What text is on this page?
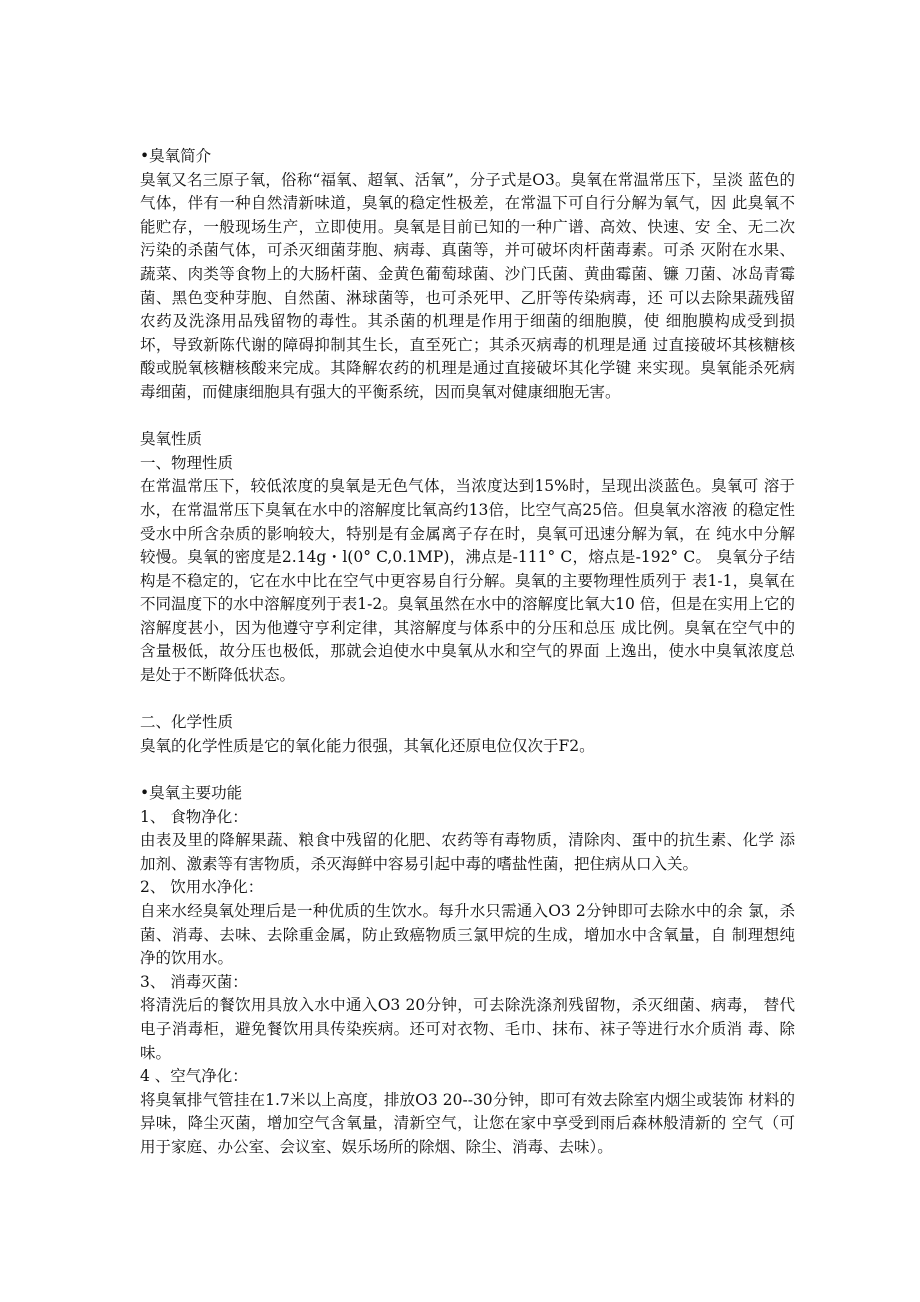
•臭氧简介

臭氧又名三原子氧，俗称“福氧、超氧、活氧”，分子式是O3。臭氧在常温常压下，呈淡 蓝色的气体，伴有一种自然清新味道，臭氧的稳定性极差，在常温下可自行分解为氧气，因 此臭氧不能贮存，一般现场生产，立即使用。臭氧是目前已知的一种广谱、高效、快速、安 全、无二次污染的杀菌气体，可杀灭细菌芽胞、病毒、真菌等，并可破坏肉杆菌毒素。可杀 灭附在水果、蔬菜、肉类等食物上的大肠杆菌、金黄色葡萄球菌、沙门氏菌、黄曲霉菌、镰 刀菌、冰岛青霉菌、黑色变种芽胞、自然菌、淋球菌等，也可杀死甲、乙肝等传染病毒，还 可以去除果蔬残留农药及洗涤用品残留物的毒性。其杀菌的机理是作用于细菌的细胞膜，使 细胞膜构成受到损坏，导致新陈代谢的障碍抑制其生长，直至死亡；其杀灭病毒的机理是通 过直接破坏其核糖核酸或脱氧核糖核酸来完成。其降解农药的机理是通过直接破坏其化学键 来实现。臭氧能杀死病毒细菌，而健康细胞具有强大的平衡系统，因而臭氧对健康细胞无害。

臭氧性质

一、物理性质

在常温常压下，较低浓度的臭氧是无色气体，当浓度达到15%时，呈现出淡蓝色。臭氧可 溶于水，在常温常压下臭氧在水中的溶解度比氧高约13倍，比空气高25倍。但臭氧水溶液 的稳定性受水中所含杂质的影响较大，特别是有金属离子存在时，臭氧可迅速分解为氧，在 纯水中分解较慢。臭氧的密度是2.14g・l(0° C,0.1MP)，沸点是-111° C，熔点是-192° C。 臭氧分子结构是不稳定的，它在水中比在空气中更容易自行分解。臭氧的主要物理性质列于 表1-1，臭氧在不同温度下的水中溶解度列于表1-2。臭氧虽然在水中的溶解度比氧大10 倍，但是在实用上它的溶解度甚小，因为他遵守亨利定律，其溶解度与体系中的分压和总压 成比例。臭氧在空气中的含量极低，故分压也极低，那就会迫使水中臭氧从水和空气的界面 上逸出，使水中臭氧浓度总是处于不断降低状态。

二、化学性质

臭氧的化学性质是它的氧化能力很强，其氧化还原电位仅次于F2。

•臭氧主要功能

1、 食物净化：

由表及里的降解果蔬、粮食中残留的化肥、农药等有毒物质，清除肉、蛋中的抗生素、化学 添加剂、激素等有害物质，杀灭海鲜中容易引起中毒的嗜盐性菌，把住病从口入关。

2、 饮用水净化：

自来水经臭氧处理后是一种优质的生饮水。每升水只需通入O3 2分钟即可去除水中的余 氯，杀菌、消毒、去味、去除重金属，防止致癌物质三氯甲烷的生成，增加水中含氧量，自 制理想纯净的饮用水。

3、 消毒灭菌：

将清洗后的餐饮用具放入水中通入O3 20分钟，可去除洗涤剂残留物，杀灭细菌、病毒， 替代电子消毒柜，避免餐饮用具传染疾病。还可对衣物、毛巾、抹布、袜子等进行水介质消 毒、除味。

4 、空气净化：

将臭氧排气管挂在1.7米以上高度，排放O3 20--30分钟，即可有效去除室内烟尘或装饰 材料的异味，降尘灭菌，增加空气含氧量，清新空气，让您在家中享受到雨后森林般清新的 空气（可用于家庭、办公室、会议室、娱乐场所的除烟、除尘、消毒、去味）。
